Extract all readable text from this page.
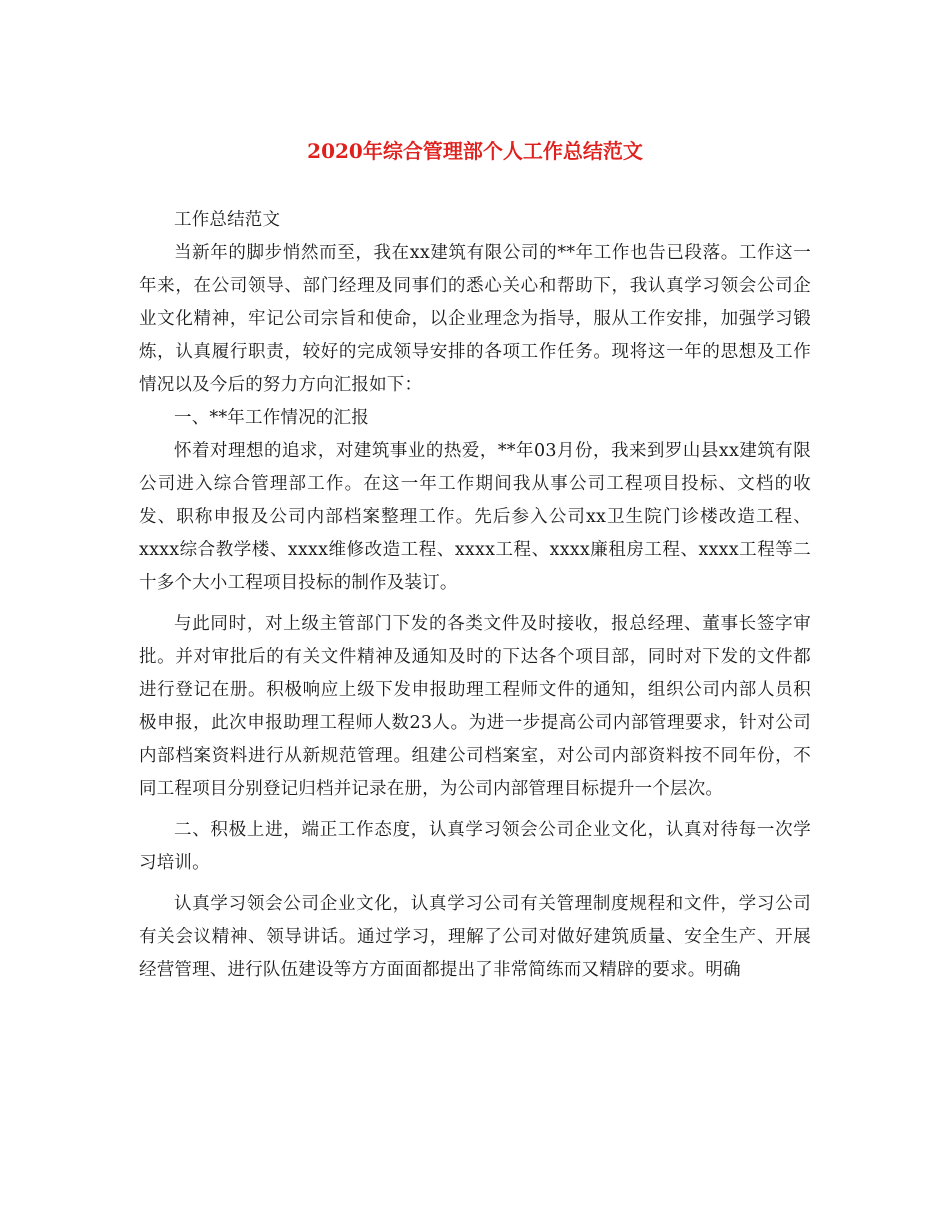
2020年综合管理部个人工作总结范文

工作总结范文

当新年的脚步悄然而至，我在xx建筑有限公司的**年工作也告已段落。工作这一年来，在公司领导、部门经理及同事们的悉心关心和帮助下，我认真学习领会公司企业文化精神，牢记公司宗旨和使命，以企业理念为指导，服从工作安排，加强学习锻炼，认真履行职责，较好的完成领导安排的各项工作任务。现将这一年的思想及工作情况以及今后的努力方向汇报如下：

一、**年工作情况的汇报

怀着对理想的追求，对建筑事业的热爱，**年03月份，我来到罗山县xx建筑有限公司进入综合管理部工作。在这一年工作期间我从事公司工程项目投标、文档的收发、职称申报及公司内部档案整理工作。先后参入公司xx卫生院门诊楼改造工程、xxxx综合教学楼、xxxx维修改造工程、xxxx工程、xxxx廉租房工程、xxxx工程等二十多个大小工程项目投标的制作及装订。

与此同时，对上级主管部门下发的各类文件及时接收，报总经理、董事长签字审批。并对审批后的有关文件精神及通知及时的下达各个项目部，同时对下发的文件都进行登记在册。积极响应上级下发申报助理工程师文件的通知，组织公司内部人员积极申报，此次申报助理工程师人数23人。为进一步提高公司内部管理要求，针对公司内部档案资料进行从新规范管理。组建公司档案室，对公司内部资料按不同年份，不同工程项目分别登记归档并记录在册，为公司内部管理目标提升一个层次。

二、积极上进，端正工作态度，认真学习领会公司企业文化，认真对待每一次学习培训。

认真学习领会公司企业文化，认真学习公司有关管理制度规程和文件，学习公司有关会议精神、领导讲话。通过学习，理解了公司对做好建筑质量、安全生产、开展经营管理、进行队伍建设等方方面面都提出了非常简练而又精辟的要求。明确
